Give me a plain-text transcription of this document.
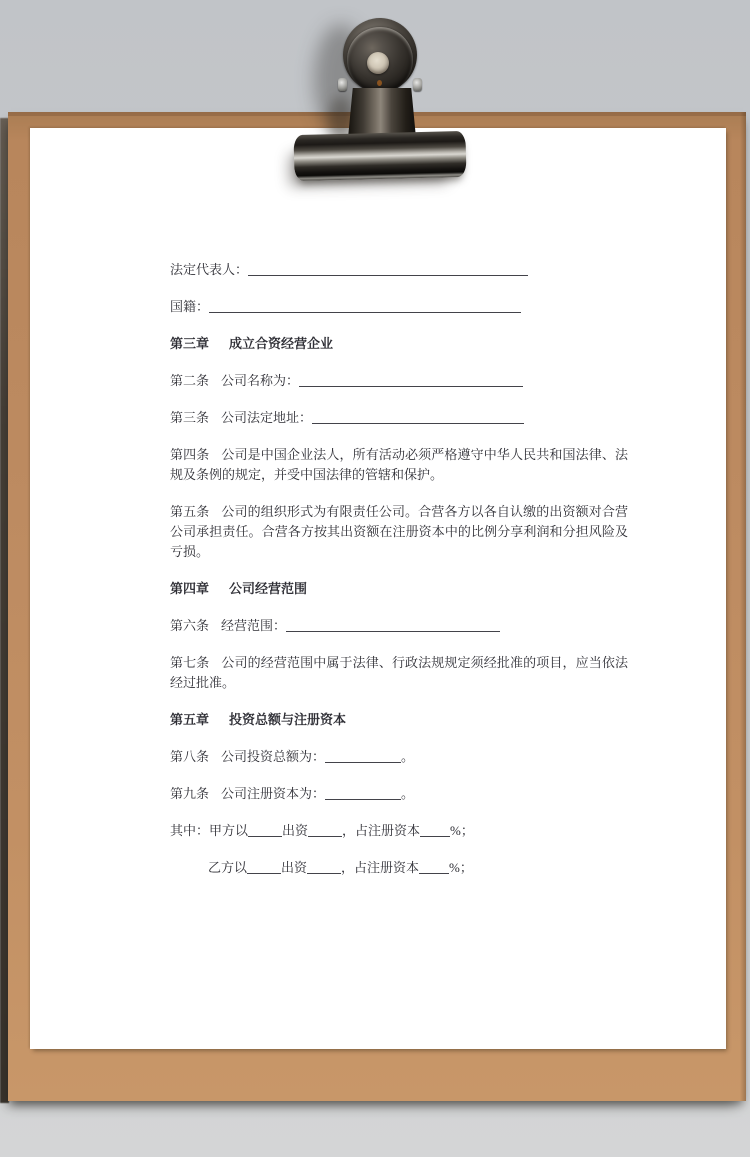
法定代表人：

国籍：

第三章 成立合资经营企业

第二条 公司名称为：

第三条 公司法定地址：

第四条 公司是中国企业法人，所有活动必须严格遵守中华人民共和国法律、法规及条例的规定，并受中国法律的管辖和保护。

第五条 公司的组织形式为有限责任公司。合营各方以各自认缴的出资额对合营公司承担责任。合营各方按其出资额在注册资本中的比例分享利润和分担风险及亏损。

第四章 公司经营范围

第六条 经营范围：

第七条 公司的经营范围中属于法律、行政法规规定须经批准的项目，应当依法经过批准。

第五章 投资总额与注册资本

第八条 公司投资总额为：	。

第九条 公司注册资本为：	。

其中：甲方以	出资	，占注册资本 %；

乙方以	出资	，占注册资本 %；
